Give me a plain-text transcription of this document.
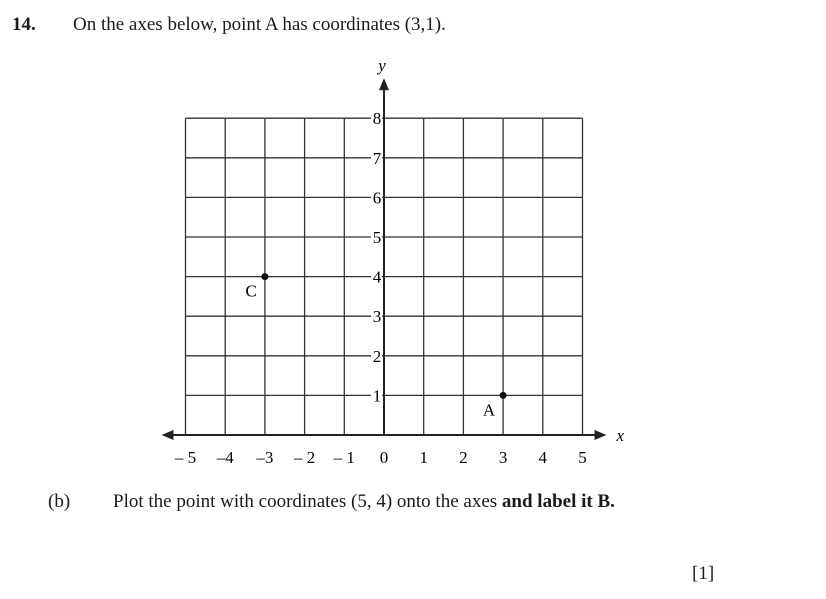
14. On the axes below, point A has coordinates (3,1).
x
y
– 5 –4 –3 – 2 – 1 0 1 2 3 4 5
1
2
3
4
5
6
7
8
A
C
(b) Plot the point with coordinates (5, 4) onto the axes and label it B.
[1]
